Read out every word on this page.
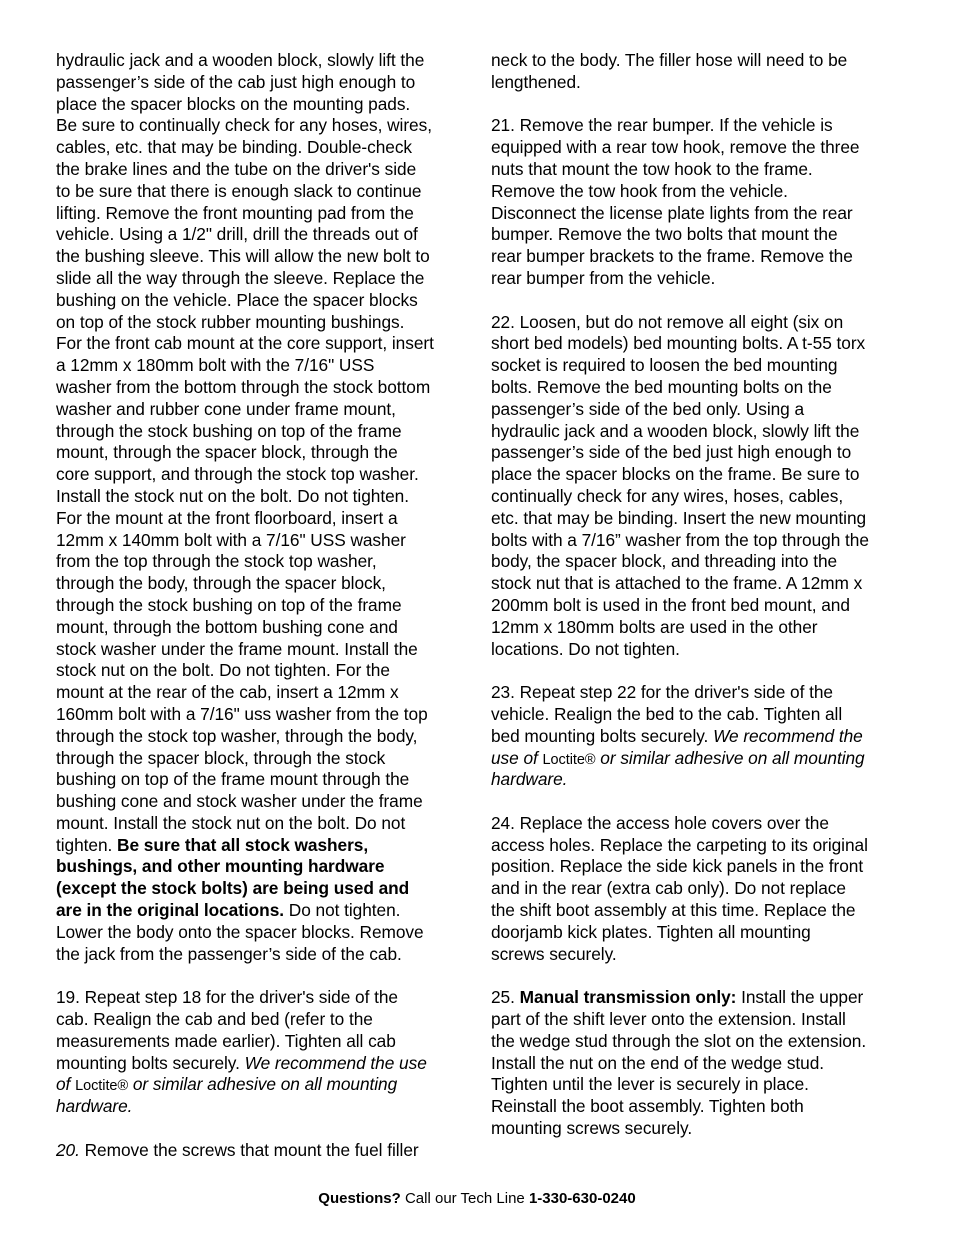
hydraulic jack and a wooden block, slowly lift the
passenger’s side of the cab just high enough to
place the spacer blocks on the mounting pads.
Be sure to continually check for any hoses, wires,
cables, etc. that may be binding. Double-check
the brake lines and the tube on the driver's side
to be sure that there is enough slack to continue
lifting. Remove the front mounting pad from the
vehicle. Using a 1/2" drill, drill the threads out of
the bushing sleeve. This will allow the new bolt to
slide all the way through the sleeve. Replace the
bushing on the vehicle. Place the spacer blocks
on top of the stock rubber mounting bushings.
For the front cab mount at the core support, insert
a 12mm x 180mm bolt with the 7/16" USS
washer from the bottom through the stock bottom
washer and rubber cone under frame mount,
through the stock bushing on top of the frame
mount, through the spacer block, through the
core support, and through the stock top washer.
Install the stock nut on the bolt. Do not tighten.
For the mount at the front floorboard, insert a
12mm x 140mm bolt with a 7/16" USS washer
from the top through the stock top washer,
through the body, through the spacer block,
through the stock bushing on top of the frame
mount, through the bottom bushing cone and
stock washer under the frame mount. Install the
stock nut on the bolt. Do not tighten. For the
mount at the rear of the cab, insert a 12mm x
160mm bolt with a 7/16" uss washer from the top
through the stock top washer, through the body,
through the spacer block, through the stock
bushing on top of the frame mount through the
bushing cone and stock washer under the frame
mount. Install the stock nut on the bolt. Do not
tighten. Be sure that all stock washers,
bushings, and other mounting hardware
(except the stock bolts) are being used and
are in the original locations. Do not tighten.
Lower the body onto the spacer blocks. Remove
the jack from the passenger’s side of the cab.
19. Repeat step 18 for the driver's side of the
cab. Realign the cab and bed (refer to the
measurements made earlier). Tighten all cab
mounting bolts securely. We recommend the use
of Loctite® or similar adhesive on all mounting
hardware.
20. Remove the screws that mount the fuel filler
neck to the body. The filler hose will need to be
lengthened.
21. Remove the rear bumper. If the vehicle is
equipped with a rear tow hook, remove the three
nuts that mount the tow hook to the frame.
Remove the tow hook from the vehicle.
Disconnect the license plate lights from the rear
bumper. Remove the two bolts that mount the
rear bumper brackets to the frame. Remove the
rear bumper from the vehicle.
22. Loosen, but do not remove all eight (six on
short bed models) bed mounting bolts. A t-55 torx
socket is required to loosen the bed mounting
bolts. Remove the bed mounting bolts on the
passenger’s side of the bed only. Using a
hydraulic jack and a wooden block, slowly lift the
passenger’s side of the bed just high enough to
place the spacer blocks on the frame. Be sure to
continually check for any wires, hoses, cables,
etc. that may be binding. Insert the new mounting
bolts with a 7/16” washer from the top through the
body, the spacer block, and threading into the
stock nut that is attached to the frame. A 12mm x
200mm bolt is used in the front bed mount, and
12mm x 180mm bolts are used in the other
locations. Do not tighten.
23. Repeat step 22 for the driver's side of the
vehicle. Realign the bed to the cab. Tighten all
bed mounting bolts securely. We recommend the
use of Loctite® or similar adhesive on all mounting
hardware.
24. Replace the access hole covers over the
access holes. Replace the carpeting to its original
position. Replace the side kick panels in the front
and in the rear (extra cab only). Do not replace
the shift boot assembly at this time. Replace the
doorjamb kick plates. Tighten all mounting
screws securely.
25. Manual transmission only: Install the upper
part of the shift lever onto the extension. Install
the wedge stud through the slot on the extension.
Install the nut on the end of the wedge stud.
Tighten until the lever is securely in place.
Reinstall the boot assembly. Tighten both
mounting screws securely.
Questions? Call our Tech Line 1-330-630-0240
